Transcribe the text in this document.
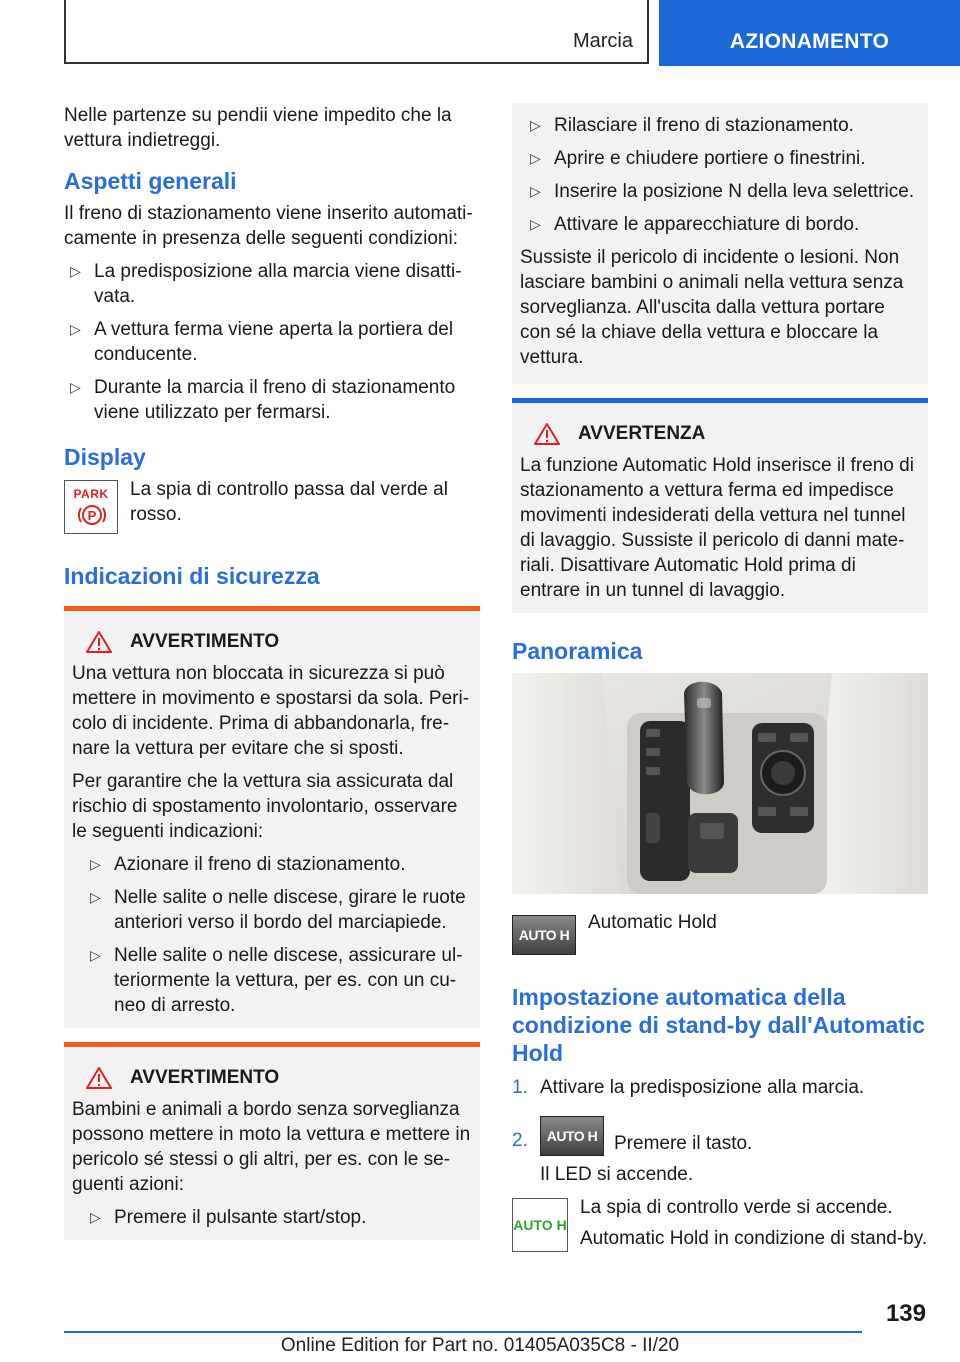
Marcia	AZIONAMENTO

Nelle partenze su pendii viene impedito che la vettura indietreggi.

Aspetti generali

Il freno di stazionamento viene inserito automaticamente in presenza delle seguenti condizioni:

▷ La predisposizione alla marcia viene disattivata.
▷ A vettura ferma viene aperta la portiera del conducente.
▷ Durante la marcia il freno di stazionamento viene utilizzato per fermarsi.
Display
PARK
P

La spia di controllo passa dal verde al rosso.

Indicazioni di sicurezza
AVVERTIMENTO

Una vettura non bloccata in sicurezza si può mettere in movimento e spostarsi da sola. Pericolo di incidente. Prima di abbandonarla, frenare la vettura per evitare che si sposti.

Per garantire che la vettura sia assicurata dal rischio di spostamento involontario, osservare le seguenti indicazioni:

▷ Azionare il freno di stazionamento.
▷ Nelle salite o nelle discese, girare le ruote anteriori verso il bordo del marciapiede.
▷ Nelle salite o nelle discese, assicurare ulteriormente la vettura, per es. con un cuneo di arresto.
AVVERTIMENTO

Bambini e animali a bordo senza sorveglianza possono mettere in moto la vettura e mettere in pericolo sé stessi o gli altri, per es. con le seguenti azioni:

▷ Premere il pulsante start/stop.
▷ Rilasciare il freno di stazionamento.
▷ Aprire e chiudere portiere o finestrini.
▷ Inserire la posizione N della leva selettrice.
▷ Attivare le apparecchiature di bordo.

Sussiste il pericolo di incidente o lesioni. Non lasciare bambini o animali nella vettura senza sorveglianza. All'uscita dalla vettura portare con sé la chiave della vettura e bloccare la vettura.

AVVERTENZA

La funzione Automatic Hold inserisce il freno di stazionamento a vettura ferma ed impedisce movimenti indesiderati della vettura nel tunnel di lavaggio. Sussiste il pericolo di danni materiali. Disattivare Automatic Hold prima di entrare in un tunnel di lavaggio.

Panoramica
AUTO H

Automatic Hold

Impostazione automatica della condizione di stand-by dall'Automatic Hold
1. Attivare la predisposizione alla marcia.
2.	AUTO H Premere il tasto.

Il LED si accende.

AUTO H

La spia di controllo verde si accende.

Automatic Hold in condizione di stand-by.

139
Online Edition for Part no. 01405A035C8 - II/20
